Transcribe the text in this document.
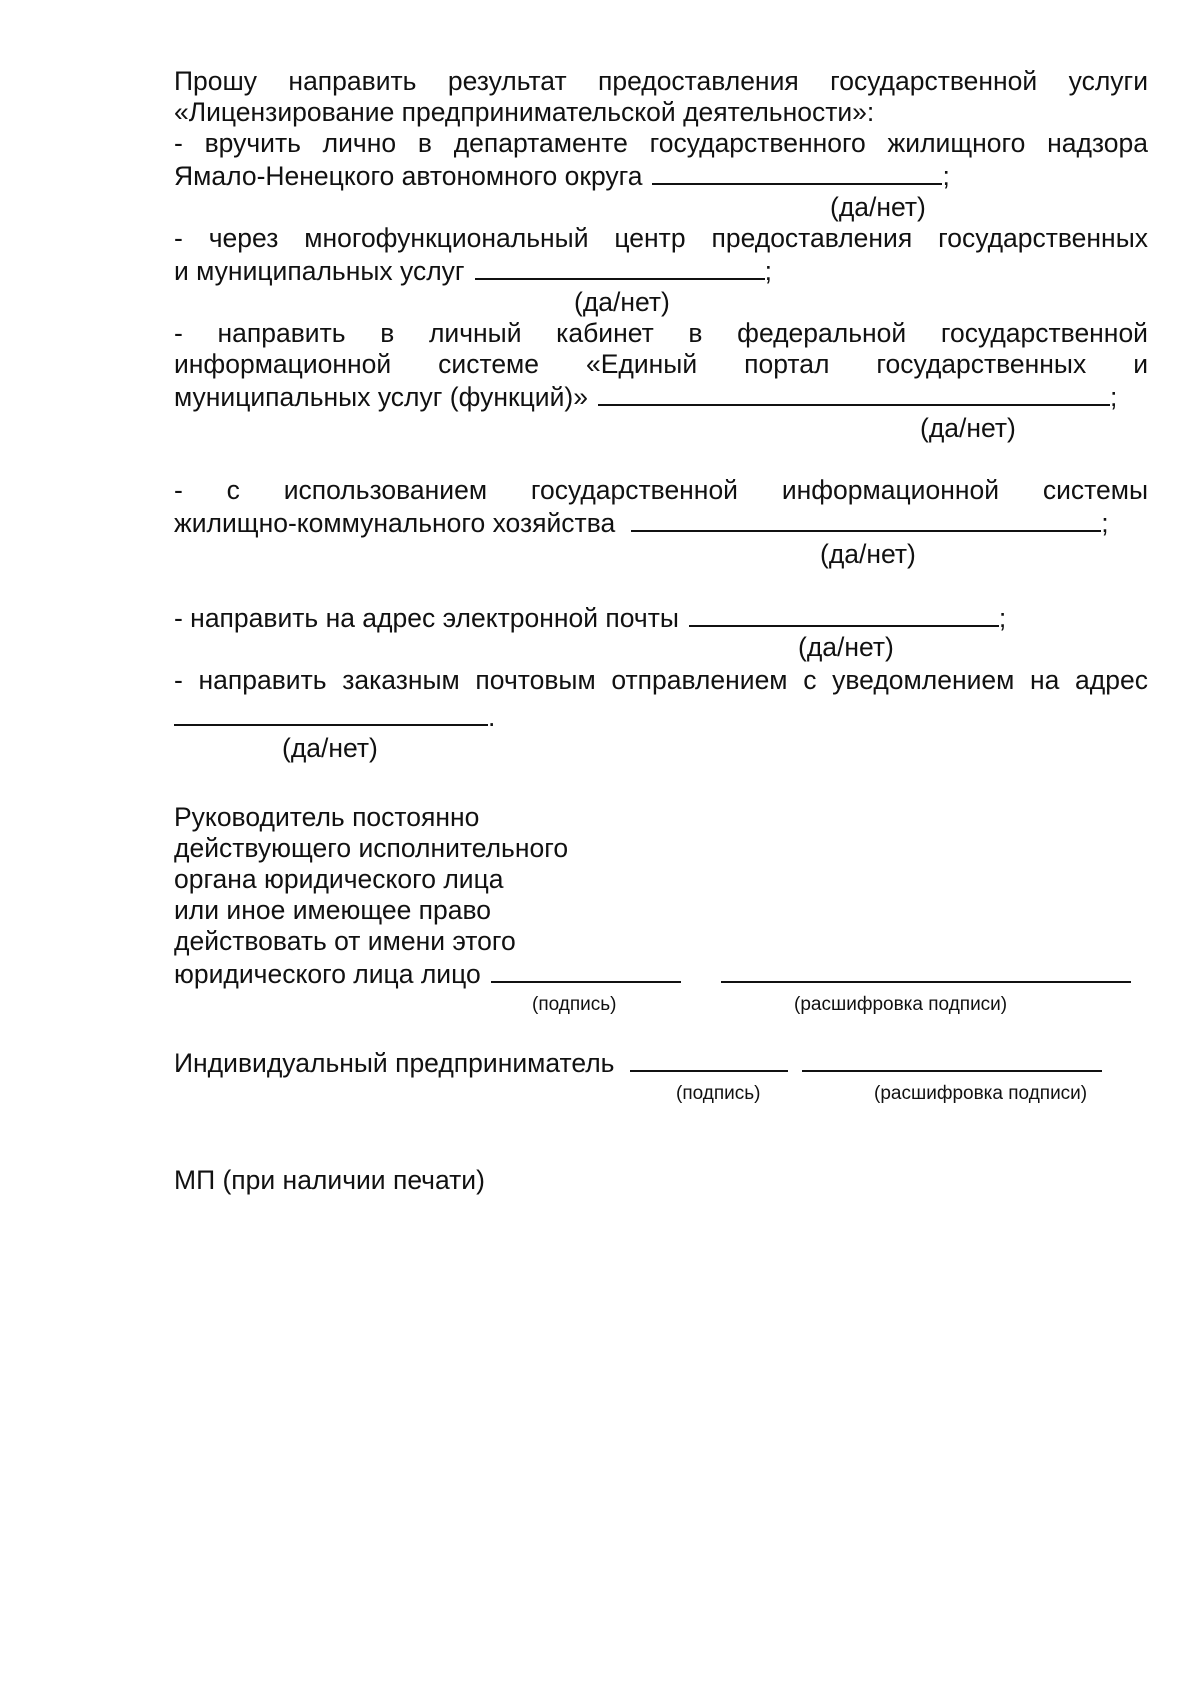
Прошу направить результат предоставления государственной услуги

«Лицензирование предпринимательской деятельности»:

- вручить лично в департаменте государственного жилищного надзора

Ямало-Ненецкого автономного округа	;
(да/нет)

- через многофункциональный центр предоставления государственных

и муниципальных услуг	;
(да/нет)

- направить в личный кабинет в федеральной государственной

информационной системе «Единый портал государственных и

муниципальных услуг (функций)»	;
(да/нет)

- с использованием государственной информационной системы

жилищно-коммунального хозяйства	;
(да/нет)
- направить на адрес электронной почты	;
(да/нет)

- направить заказным почтовым отправлением с уведомлением на адрес

.
(да/нет)
Руководитель постоянно
действующего исполнительного
органа юридического лица
или иное имеющее право
действовать от имени этого
юридического лица лицо
(подпись)	(расшифровка подписи)
Индивидуальный предприниматель
(подпись)	(расшифровка подписи)
МП (при наличии печати)
